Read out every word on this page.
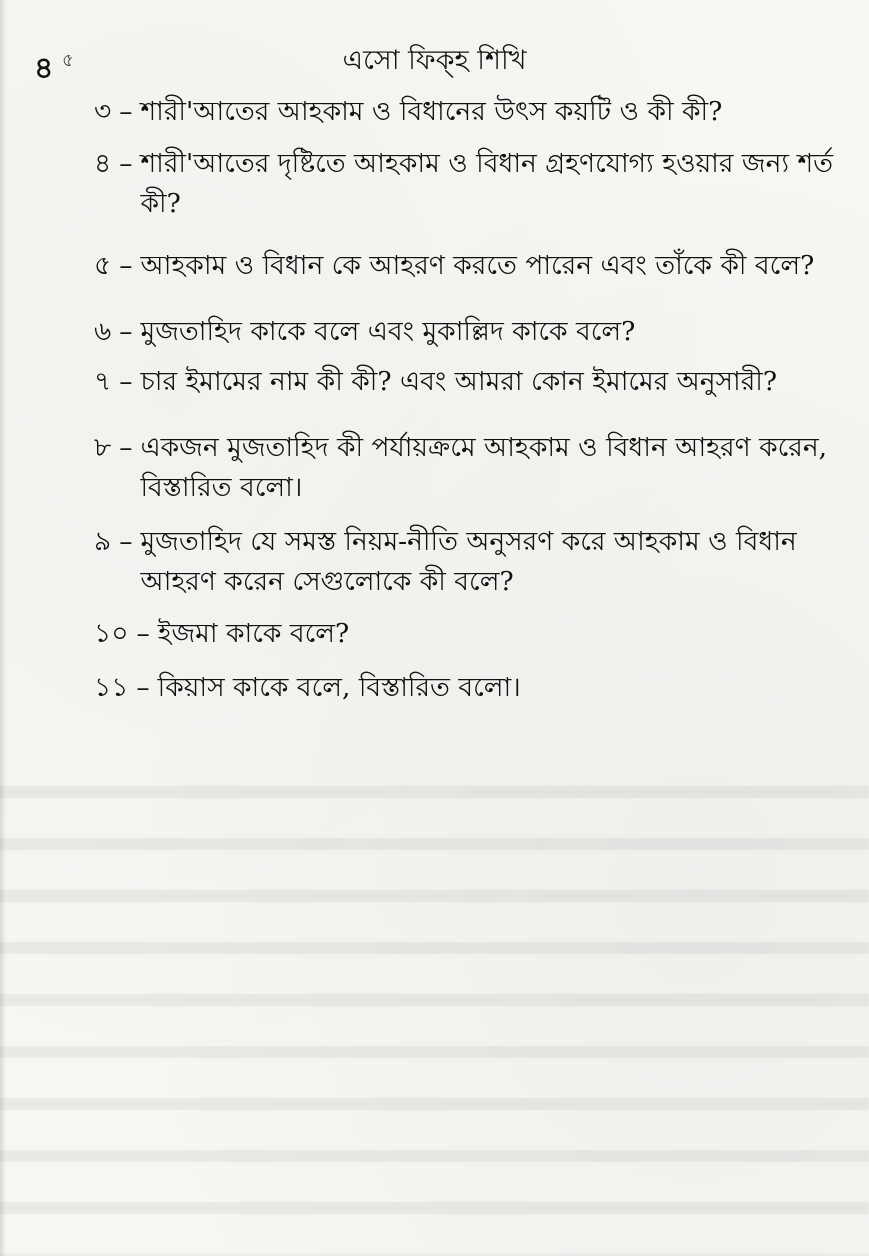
৪ ৫	এসো ফিক্‌হ শিখি
৩ – শারী'আতের আহকাম ও বিধানের উৎস কয়টি ও কী কী?
৪ – শারী'আতের দৃষ্টিতে আহকাম ও বিধান গ্রহণযোগ্য হওয়ার জন্য শর্ত কী?
৫ – আহকাম ও বিধান কে আহরণ করতে পারেন এবং তাঁকে কী বলে?
৬ – মুজতাহিদ কাকে বলে এবং মুকাল্লিদ কাকে বলে?
৭ – চার ইমামের নাম কী কী? এবং আমরা কোন ইমামের অনুসারী?
৮ – একজন মুজতাহিদ কী পর্যায়ক্রমে আহকাম ও বিধান আহরণ করেন, বিস্তারিত বলো।
৯ – মুজতাহিদ যে সমস্ত নিয়ম-নীতি অনুসরণ করে আহকাম ও বিধান আহরণ করেন সেগুলোকে কী বলে?
১০ – ইজমা কাকে বলে?
১১ – কিয়াস কাকে বলে, বিস্তারিত বলো।
